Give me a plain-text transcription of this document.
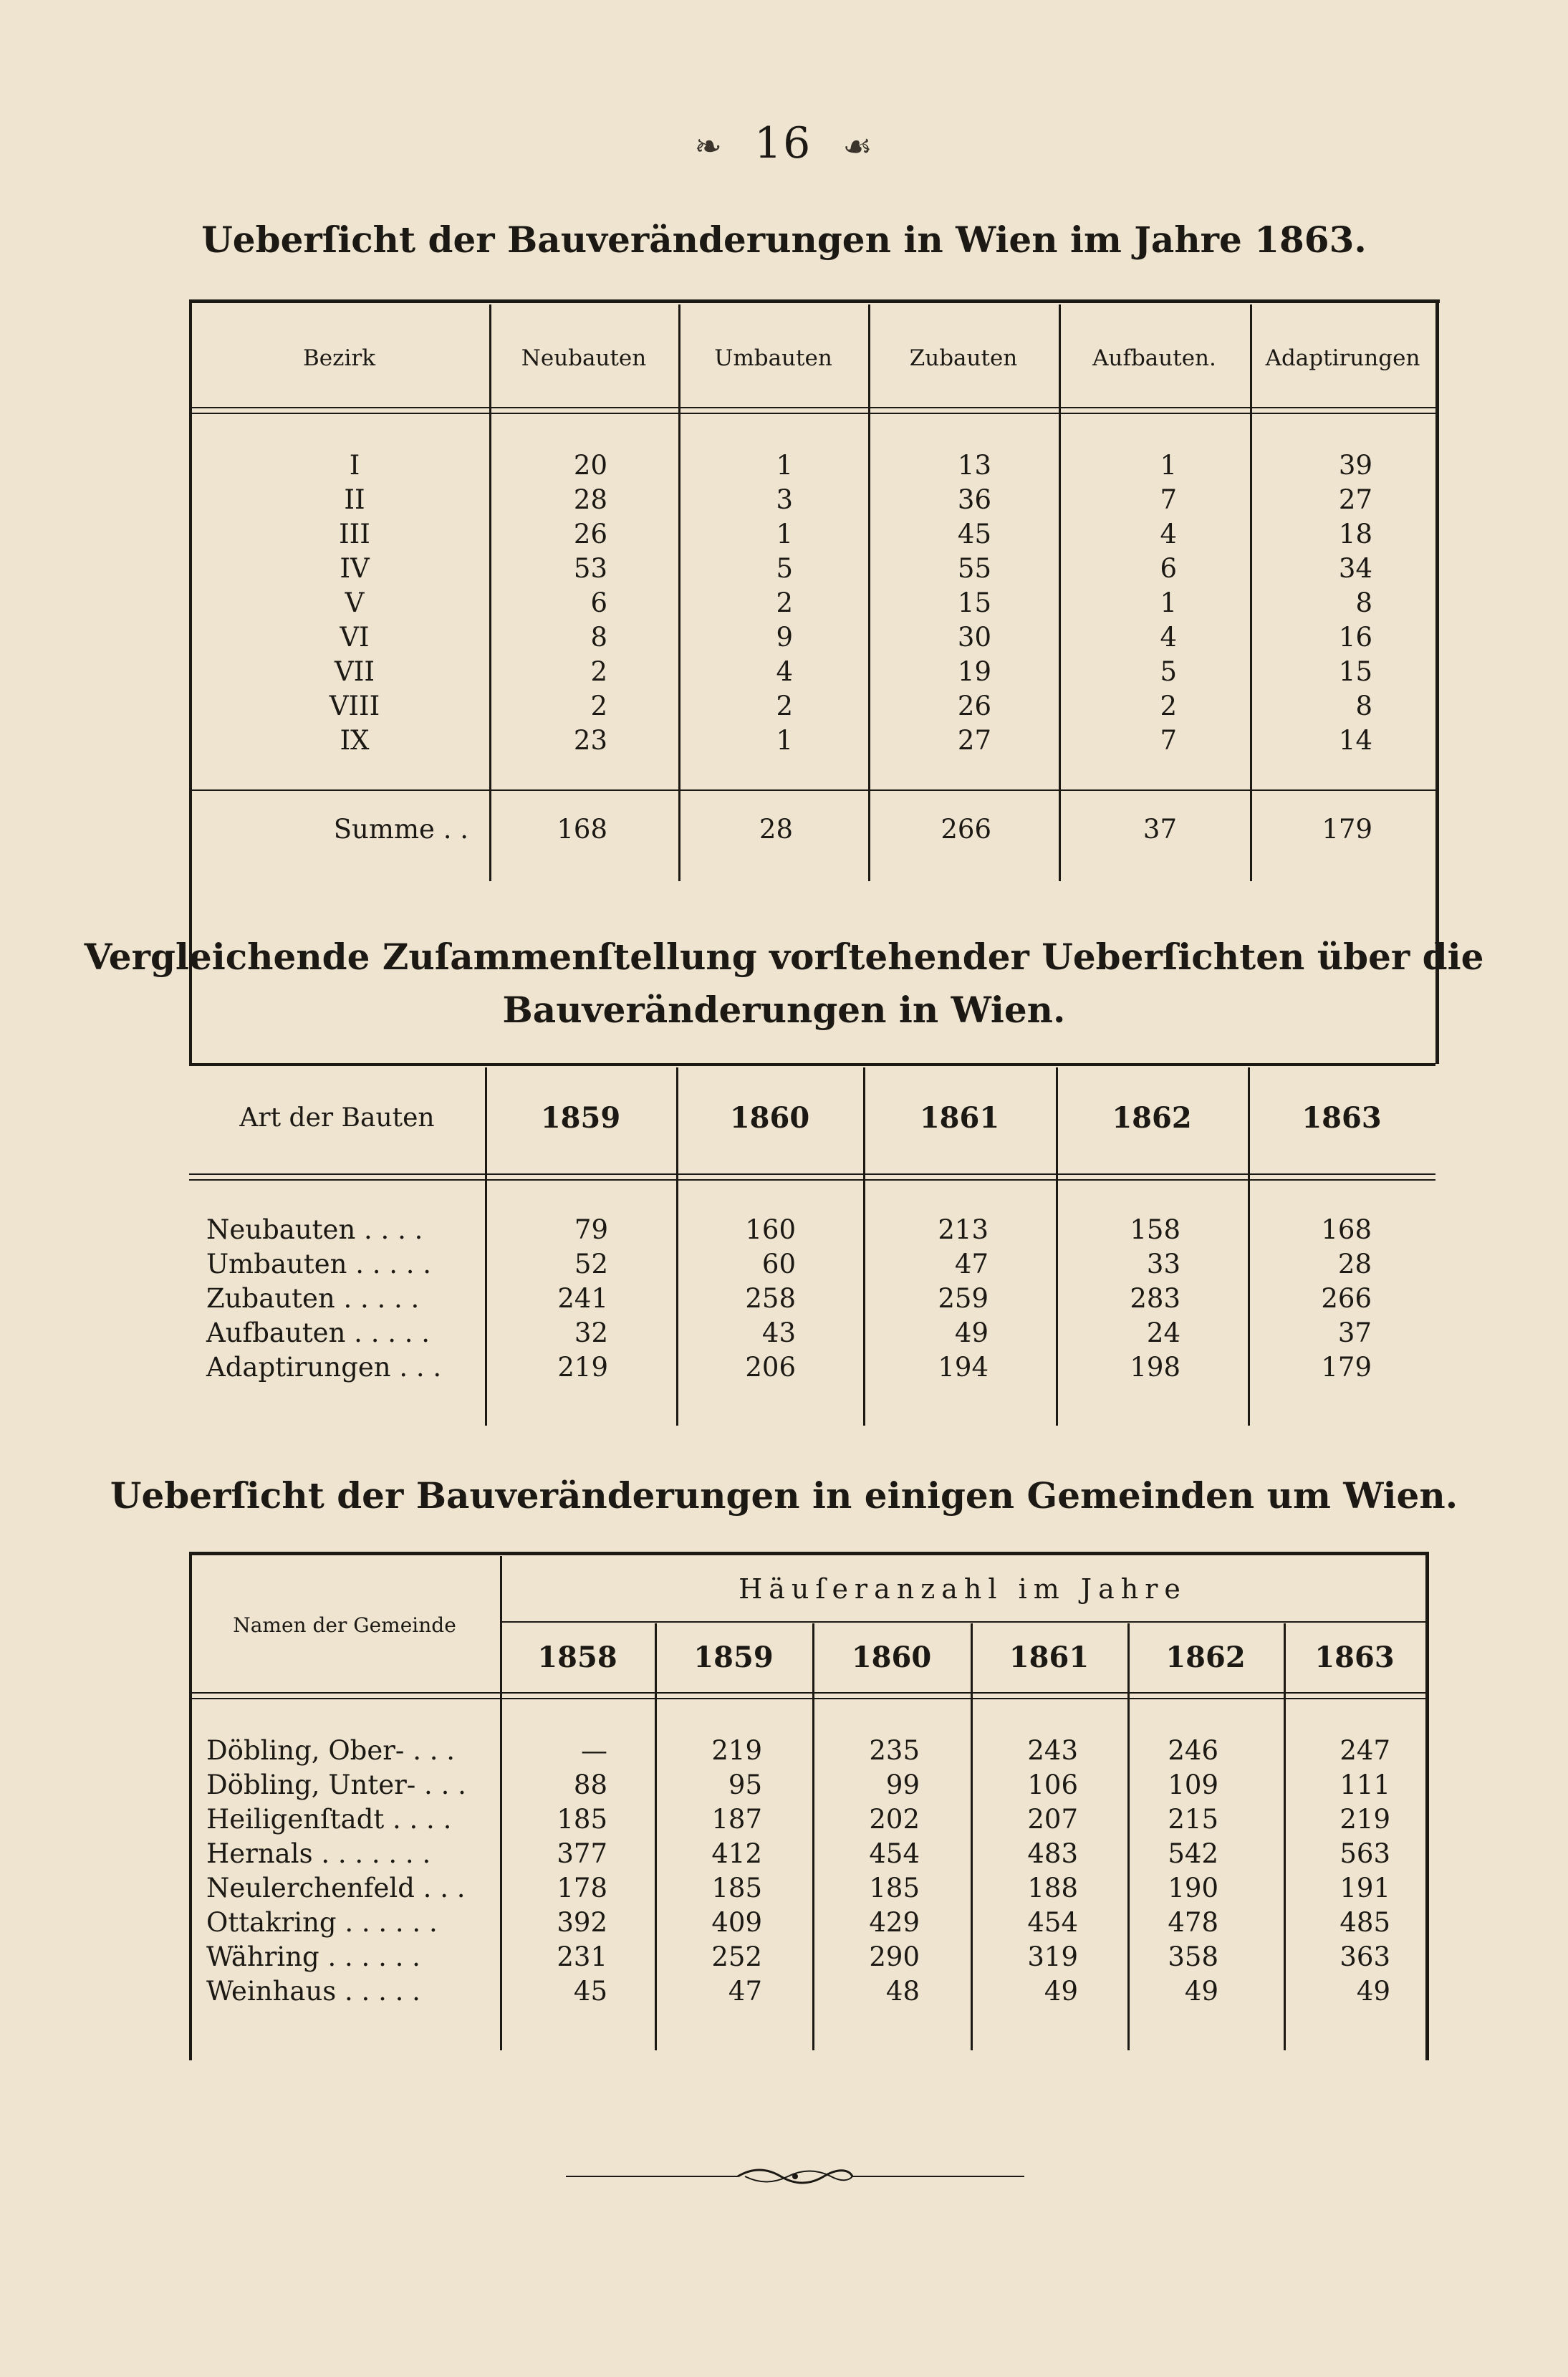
❧ 16 ☙
Ueberſicht der Bauveränderungen in Wien im Jahre 1863.
Bezirk	Neubauten	Umbauten	Zubauten	Aufbauten.	Adaptirungen
I	20	1	13	1	39
II	28	3	36	7	27
III	26	1	45	4	18
IV	53	5	55	6	34
V	6	2	15	1	8
VI	8	9	30	4	16
VII	2	4	19	5	15
VIII	2	2	26	2	8
IX	23	1	27	7	14
Summe . .	168	28	266	37	179
Vergleichende Zuſammenſtellung vorſtehender Ueberſichten über die
Bauveränderungen in Wien.
Art der Bauten	1859	1860	1861	1862	1863
Neubauten . . . .	79	160	213	158	168
Umbauten . . . . .	52	60	47	33	28
Zubauten . . . . .	241	258	259	283	266
Aufbauten . . . . .	32	43	49	24	37
Adaptirungen . . .	219	206	194	198	179
Ueberſicht der Bauveränderungen in einigen Gemeinden um Wien.
Namen der Gemeinde
Häuſeranzahl im Jahre
1858	1859	1860	1861	1862	1863
Döbling, Ober- . . .	—	219	235	243	246	247
Döbling, Unter- . . .	88	95	99	106	109	111
Heiligenſtadt . . . .	185	187	202	207	215	219
Hernals . . . . . . .	377	412	454	483	542	563
Neulerchenfeld . . .	178	185	185	188	190	191
Ottakring . . . . . .	392	409	429	454	478	485
Währing . . . . . .	231	252	290	319	358	363
Weinhaus . . . . .	45	47	48	49	49	49
